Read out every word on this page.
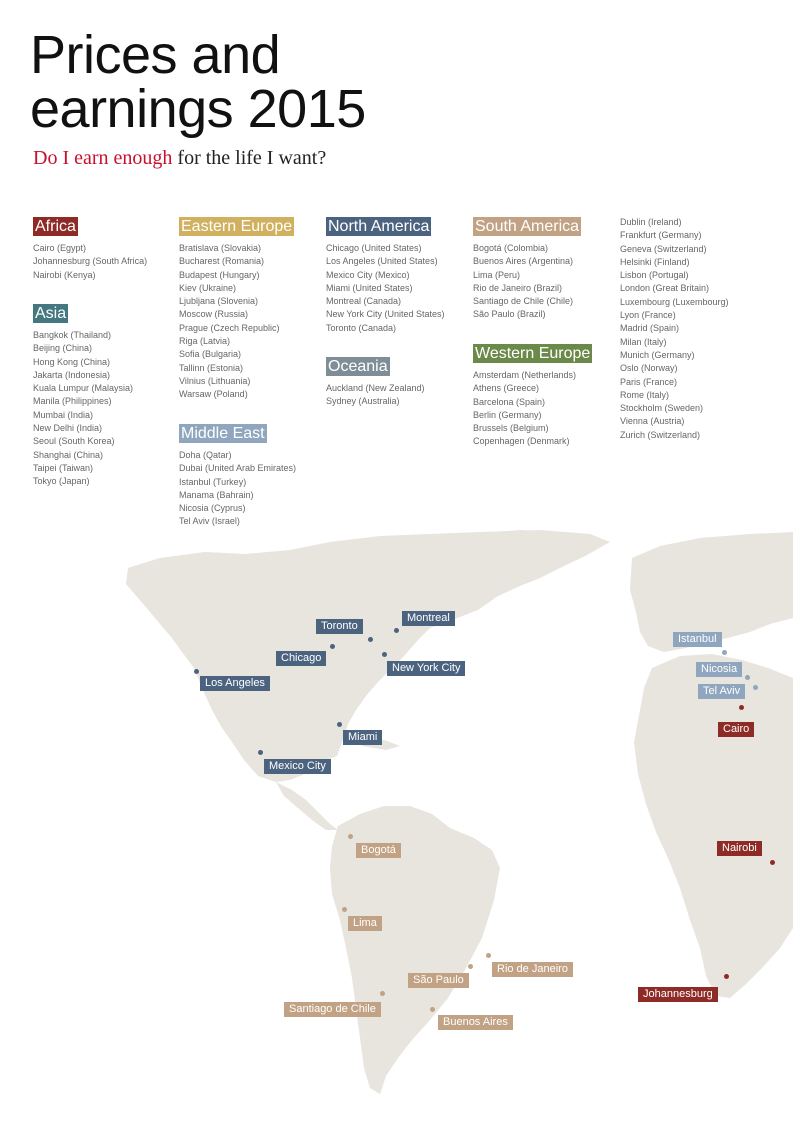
Prices and
earnings 2015
Do I earn enough for the life I want?
Africa
Cairo (Egypt)
Johannesburg (South Africa)
Nairobi (Kenya)
Asia
Bangkok (Thailand)
Beijing (China)
Hong Kong (China)
Jakarta (Indonesia)
Kuala Lumpur (Malaysia)
Manila (Philippines)
Mumbai (India)
New Delhi (India)
Seoul (South Korea)
Shanghai (China)
Taipei (Taiwan)
Tokyo (Japan)
Eastern Europe
Bratislava (Slovakia)
Bucharest (Romania)
Budapest (Hungary)
Kiev (Ukraine)
Ljubljana (Slovenia)
Moscow (Russia)
Prague (Czech Republic)
Riga (Latvia)
Sofia (Bulgaria)
Tallinn (Estonia)
Vilnius (Lithuania)
Warsaw (Poland)
Middle East
Doha (Qatar)
Dubai (United Arab Emirates)
Istanbul (Turkey)
Manama (Bahrain)
Nicosia (Cyprus)
Tel Aviv (Israel)
North America
Chicago (United States)
Los Angeles (United States)
Mexico City (Mexico)
Miami (United States)
Montreal (Canada)
New York City (United States)
Toronto (Canada)
Oceania
Auckland (New Zealand)
Sydney (Australia)
South America
Bogotá (Colombia)
Buenos Aires (Argentina)
Lima (Peru)
Rio de Janeiro (Brazil)
Santiago de Chile (Chile)
São Paulo (Brazil)
Western Europe
Amsterdam (Netherlands)
Athens (Greece)
Barcelona (Spain)
Berlin (Germany)
Brussels (Belgium)
Copenhagen (Denmark)
Dublin (Ireland)
Frankfurt (Germany)
Geneva (Switzerland)
Helsinki (Finland)
Lisbon (Portugal)
London (Great Britain)
Luxembourg (Luxembourg)
Lyon (France)
Madrid (Spain)
Milan (Italy)
Munich (Germany)
Oslo (Norway)
Paris (France)
Rome (Italy)
Stockholm (Sweden)
Vienna (Austria)
Zurich (Switzerland)
Toronto
Montreal
Chicago
New York City
Los Angeles
Miami
Mexico City
Bogotá
Lima
Rio de Janeiro
São Paulo
Santiago de Chile
Buenos Aires
Istanbul
Nicosia
Tel Aviv
Cairo
Nairobi
Johannesburg
